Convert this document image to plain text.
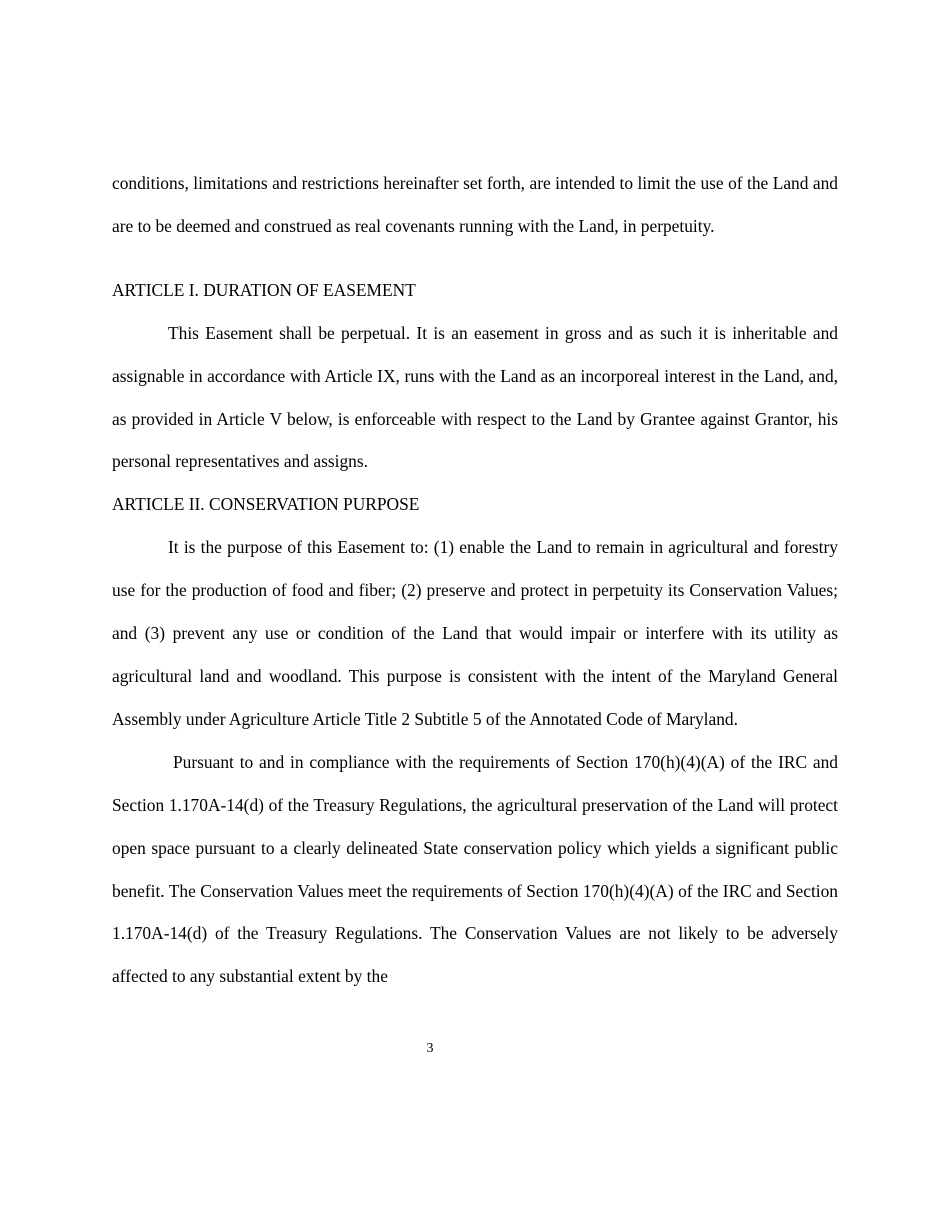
conditions, limitations and restrictions hereinafter set forth, are intended to limit the use of the Land and are to be deemed and construed as real covenants running with the Land, in perpetuity.

ARTICLE I. DURATION OF EASEMENT

This Easement shall be perpetual. It is an easement in gross and as such it is inheritable and assignable in accordance with Article IX, runs with the Land as an incorporeal interest in the Land, and, as provided in Article V below, is enforceable with respect to the Land by Grantee against Grantor, his personal representatives and assigns.

ARTICLE II. CONSERVATION PURPOSE

It is the purpose of this Easement to: (1) enable the Land to remain in agricultural and forestry use for the production of food and fiber; (2) preserve and protect in perpetuity its Conservation Values; and (3) prevent any use or condition of the Land that would impair or interfere with its utility as agricultural land and woodland. This purpose is consistent with the intent of the Maryland General Assembly under Agriculture Article Title 2 Subtitle 5 of the Annotated Code of Maryland.

Pursuant to and in compliance with the requirements of Section 170(h)(4)(A) of the IRC and Section 1.170A-14(d) of the Treasury Regulations, the agricultural preservation of the Land will protect open space pursuant to a clearly delineated State conservation policy which yields a significant public benefit. The Conservation Values meet the requirements of Section 170(h)(4)(A) of the IRC and Section 1.170A-14(d) of the Treasury Regulations. The Conservation Values are not likely to be adversely affected to any substantial extent by the

3
